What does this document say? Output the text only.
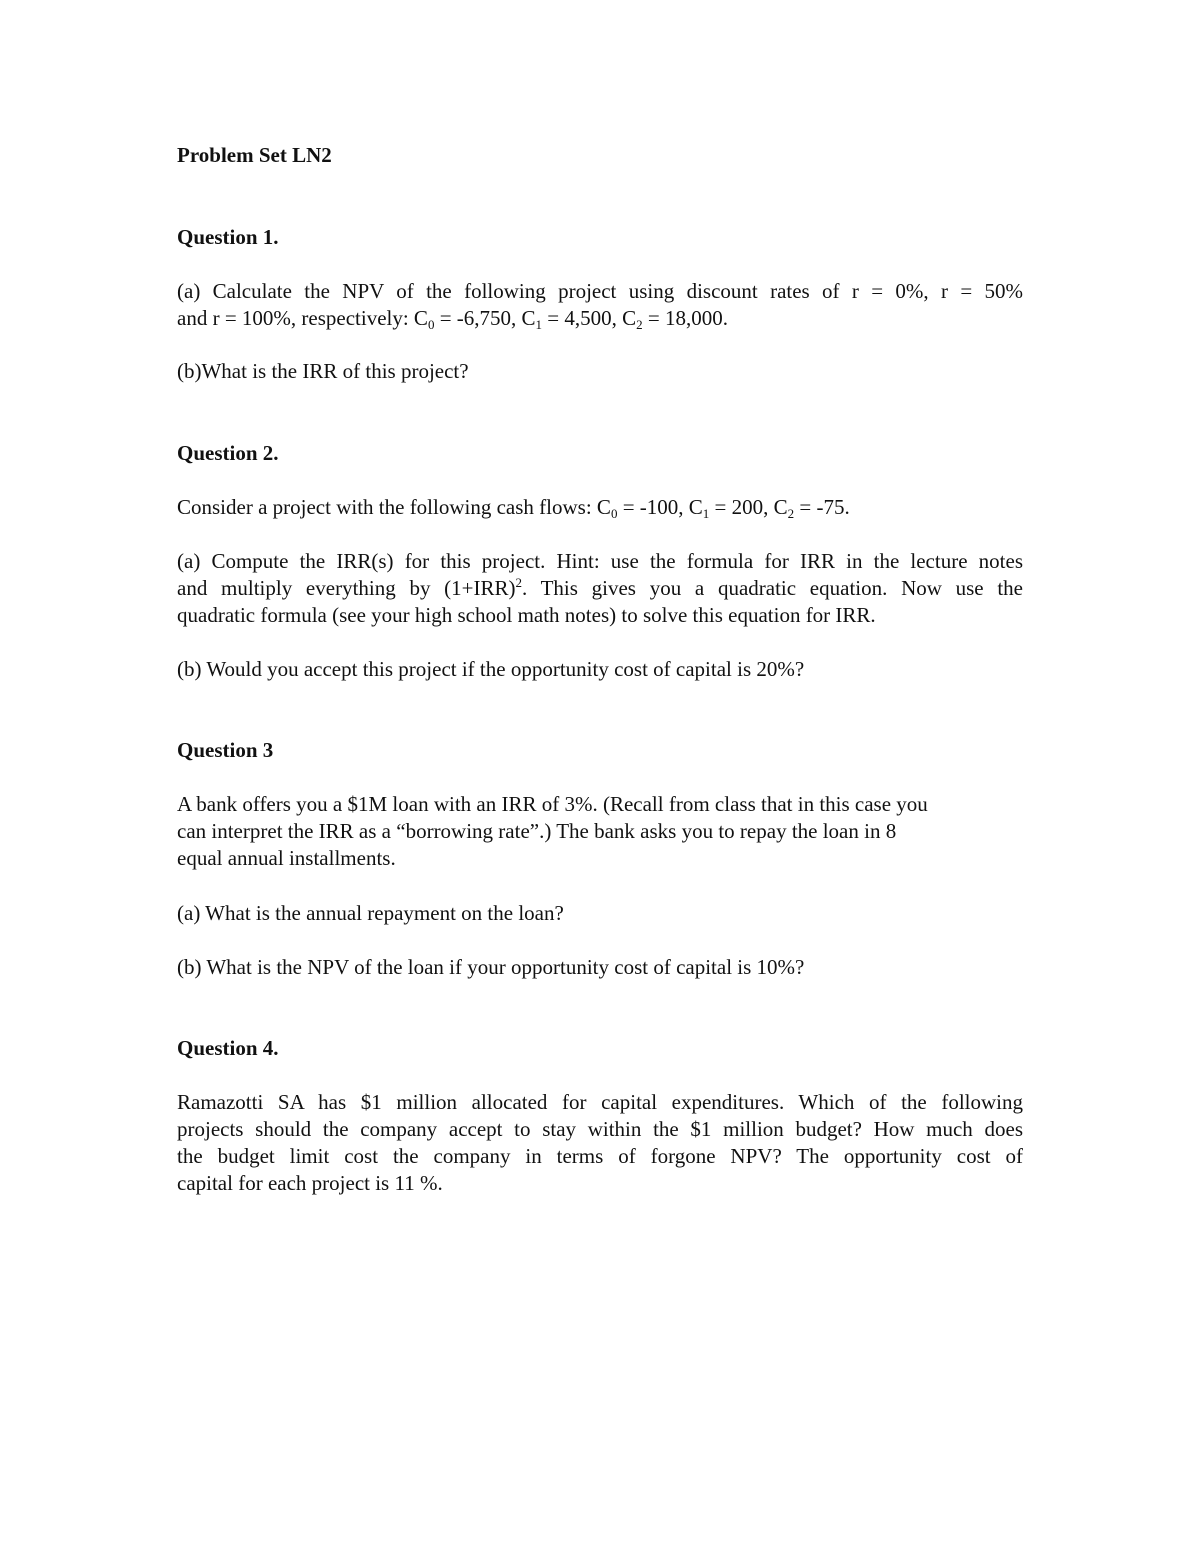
Problem Set LN2
Question 1.
(a) Calculate the NPV of the following project using discount rates of r = 0%, r = 50%
and r = 100%, respectively: $C_0 = -6,750$, $C_1 = 4,500$, $C_2 = 18,000$.
(b)What is the IRR of this project?
Question 2.
Consider a project with the following cash flows: $C_0 = -100$, $C_1 = 200$, $C_2 = -75$.
(a) Compute the IRR(s) for this project. Hint: use the formula for IRR in the lecture notes
and multiply everything by $(1+IRR)^2$. This gives you a quadratic equation. Now use the
quadratic formula (see your high school math notes) to solve this equation for IRR.
(b) Would you accept this project if the opportunity cost of capital is 20%?
Question 3
A bank offers you a $1M loan with an IRR of 3%. (Recall from class that in this case you
can interpret the IRR as a “borrowing rate”.) The bank asks you to repay the loan in 8
equal annual installments.
(a) What is the annual repayment on the loan?
(b) What is the NPV of the loan if your opportunity cost of capital is 10%?
Question 4.
Ramazotti SA has $1 million allocated for capital expenditures. Which of the following
projects should the company accept to stay within the $1 million budget? How much does
the budget limit cost the company in terms of forgone NPV? The opportunity cost of
capital for each project is 11 %.
